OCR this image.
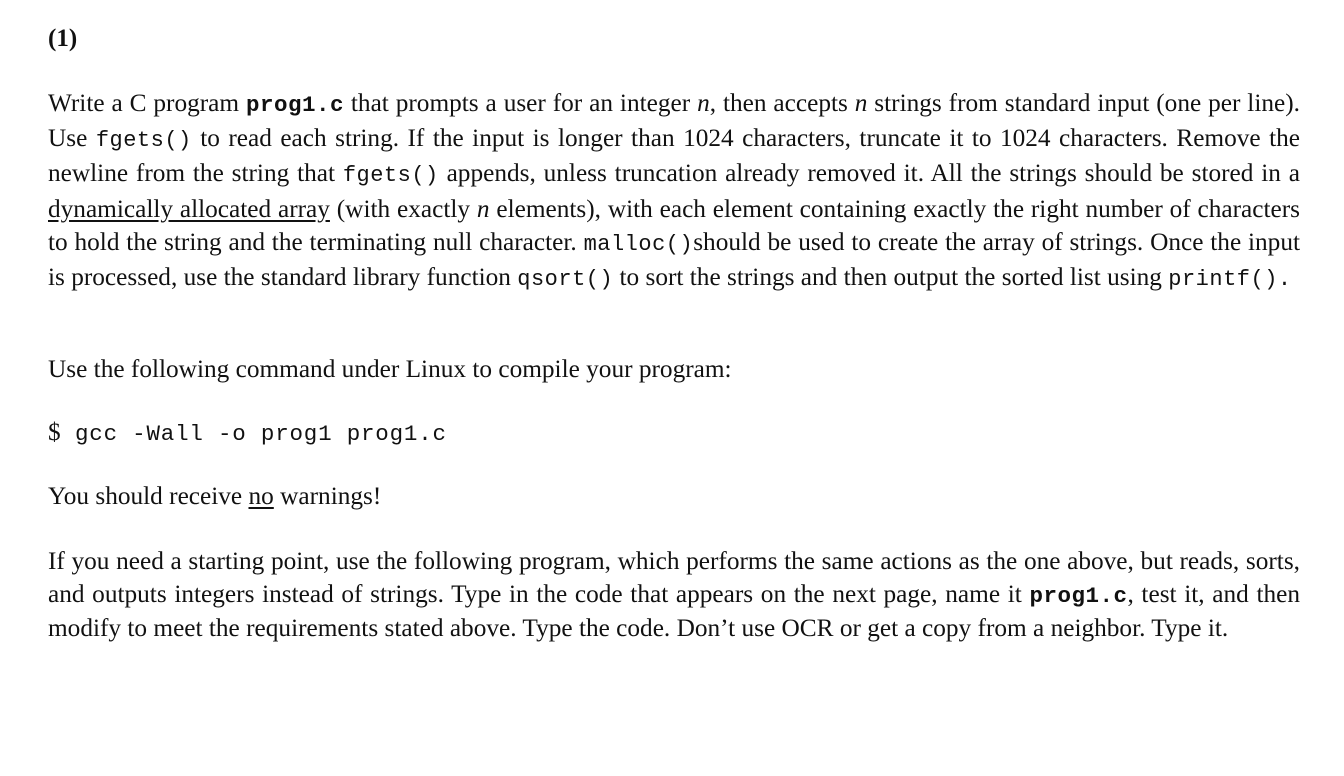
(1)

Write a C program prog1.c that prompts a user for an integer n, then accepts n strings from standard input (one per line). Use fgets() to read each string. If the input is longer than 1024 characters, truncate it to 1024 characters. Remove the newline from the string that fgets() appends, unless truncation already removed it. All the strings should be stored in a dynamically allocated array (with exactly n elements), with each element containing exactly the right number of characters to hold the string and the terminating null character. malloc()should be used to create the array of strings. Once the input is processed, use the standard library function qsort() to sort the strings and then output the sorted list using printf().

Use the following command under Linux to compile your program:

$ gcc -Wall -o prog1 prog1.c

You should receive no warnings!

If you need a starting point, use the following program, which performs the same actions as the one above, but reads, sorts, and outputs integers instead of strings. Type in the code that appears on the next page, name it prog1.c, test it, and then modify to meet the requirements stated above. Type the code. Don’t use OCR or get a copy from a neighbor. Type it.
